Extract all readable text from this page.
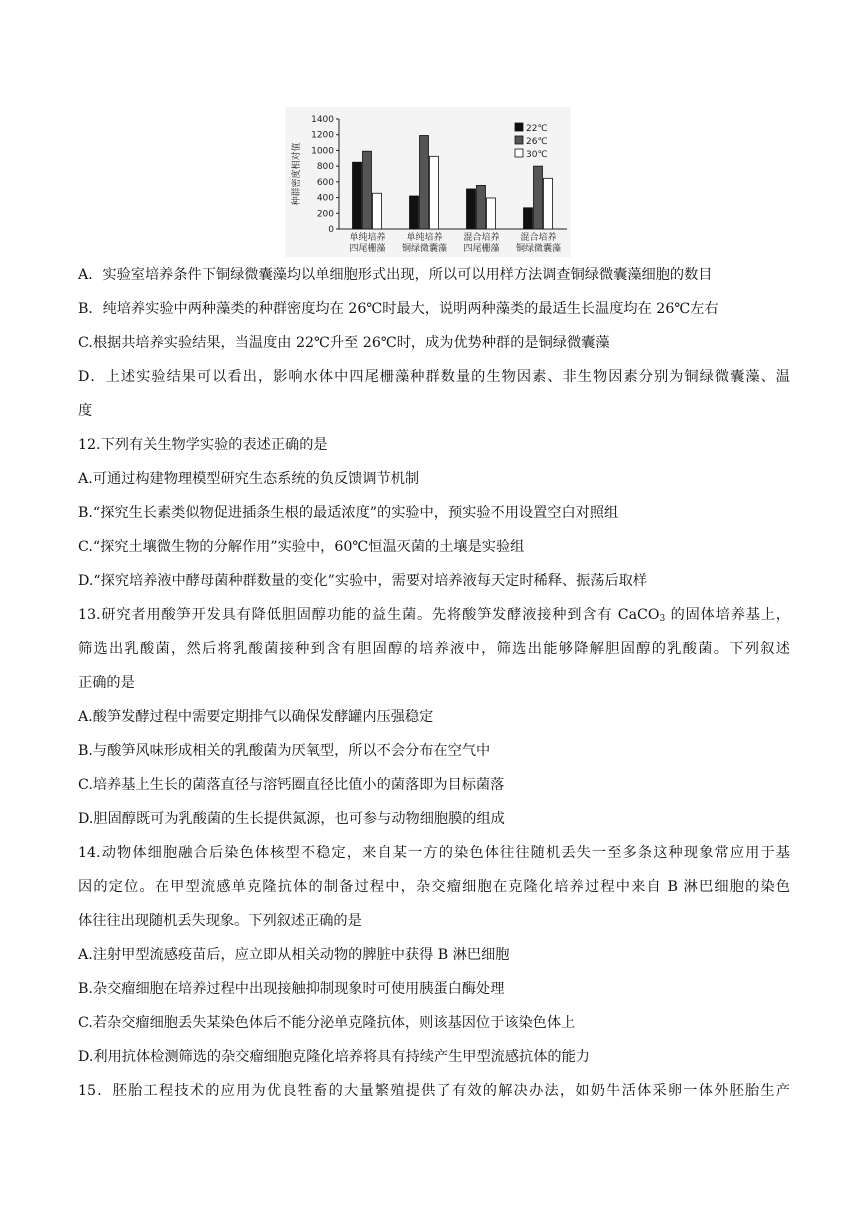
0
200
400
600
800
1000
1200
1400
种群密度相对值
单纯培养
四尾栅藻
单纯培养
铜绿微囊藻
混合培养
四尾栅藻
混合培养
铜绿微囊藻
22℃
26℃
30℃
A．实验室培养条件下铜绿微囊藻均以单细胞形式出现，所以可以用样方法调查铜绿微囊藻细胞的数目
B．纯培养实验中两种藻类的种群密度均在 26℃时最大，说明两种藻类的最适生长温度均在 26℃左右
C.根据共培养实验结果，当温度由 22℃升至 26℃时，成为优势种群的是铜绿微囊藻
D．上述实验结果可以看出，影响水体中四尾栅藻种群数量的生物因素、非生物因素分别为铜绿微囊藻、温
度
12.下列有关生物学实验的表述正确的是
A.可通过构建物理模型研究生态系统的负反馈调节机制
B.“探究生长素类似物促进插条生根的最适浓度”的实验中，预实验不用设置空白对照组
C.“探究土壤微生物的分解作用”实验中，60℃恒温灭菌的土壤是实验组
D.“探究培养液中酵母菌种群数量的变化”实验中，需要对培养液每天定时稀释、振荡后取样
13.研究者用酸笋开发具有降低胆固醇功能的益生菌。先将酸笋发酵液接种到含有 CaCO$_3$ 的固体培养基上，
筛选出乳酸菌，然后将乳酸菌接种到含有胆固醇的培养液中，筛选出能够降解胆固醇的乳酸菌。下列叙述
正确的是
A.酸笋发酵过程中需要定期排气以确保发酵罐内压强稳定
B.与酸笋风味形成相关的乳酸菌为厌氧型，所以不会分布在空气中
C.培养基上生长的菌落直径与溶钙圈直径比值小的菌落即为目标菌落
D.胆固醇既可为乳酸菌的生长提供氮源，也可参与动物细胞膜的组成
14.动物体细胞融合后染色体核型不稳定，来自某一方的染色体往往随机丢失一至多条这种现象常应用于基
因的定位。在甲型流感单克隆抗体的制备过程中，杂交瘤细胞在克隆化培养过程中来自 B 淋巴细胞的染色
体往往出现随机丢失现象。下列叙述正确的是
A.注射甲型流感疫苗后，应立即从相关动物的脾脏中获得 B 淋巴细胞
B.杂交瘤细胞在培养过程中出现接触抑制现象时可使用胰蛋白酶处理
C.若杂交瘤细胞丢失某染色体后不能分泌单克隆抗体，则该基因位于该染色体上
D.利用抗体检测筛选的杂交瘤细胞克隆化培养将具有持续产生甲型流感抗体的能力
15．胚胎工程技术的应用为优良牲畜的大量繁殖提供了有效的解决办法，如奶牛活体采卵一体外胚胎生产
